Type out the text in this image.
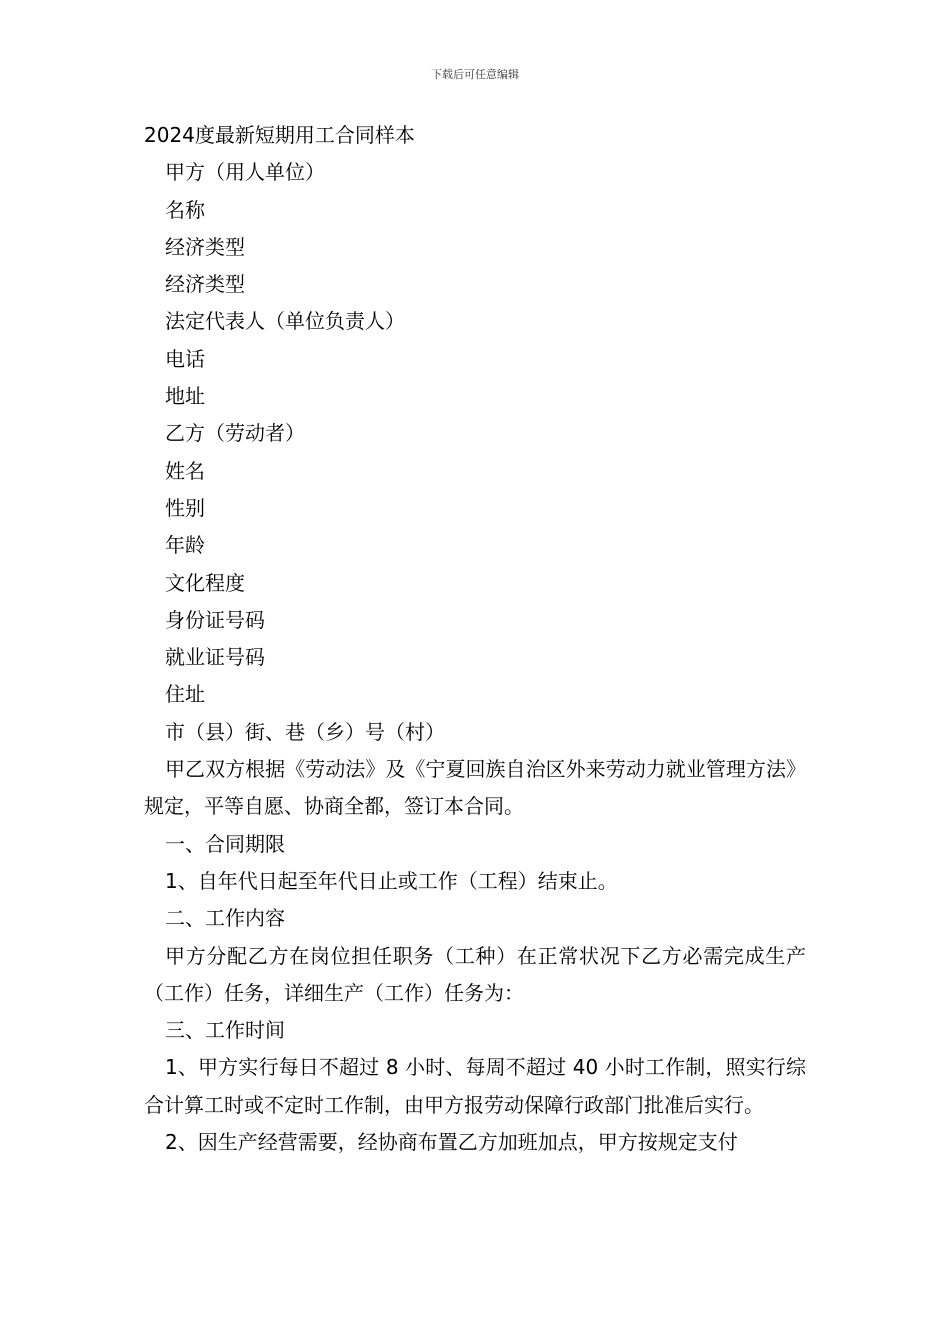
下载后可任意编辑

2024度最新短期用工合同样本

甲方（用人单位）

名称

经济类型

经济类型

法定代表人（单位负责人）

电话

地址

乙方（劳动者）

姓名

性别

年龄

文化程度

身份证号码

就业证号码

住址

市（县）街、巷（乡）号（村）

甲乙双方根据《劳动法》及《宁夏回族自治区外来劳动力就业管理方法》规定，平等自愿、协商全都，签订本合同。

一、合同期限

1、自年代日起至年代日止或工作（工程）结束止。

二、工作内容

甲方分配乙方在岗位担任职务（工种）在正常状况下乙方必需完成生产（工作）任务，详细生产（工作）任务为：

三、工作时间

1、甲方实行每日不超过 8 小时、每周不超过 40 小时工作制，照实行综合计算工时或不定时工作制，由甲方报劳动保障行政部门批准后实行。

2、因生产经营需要，经协商布置乙方加班加点，甲方按规定支付
